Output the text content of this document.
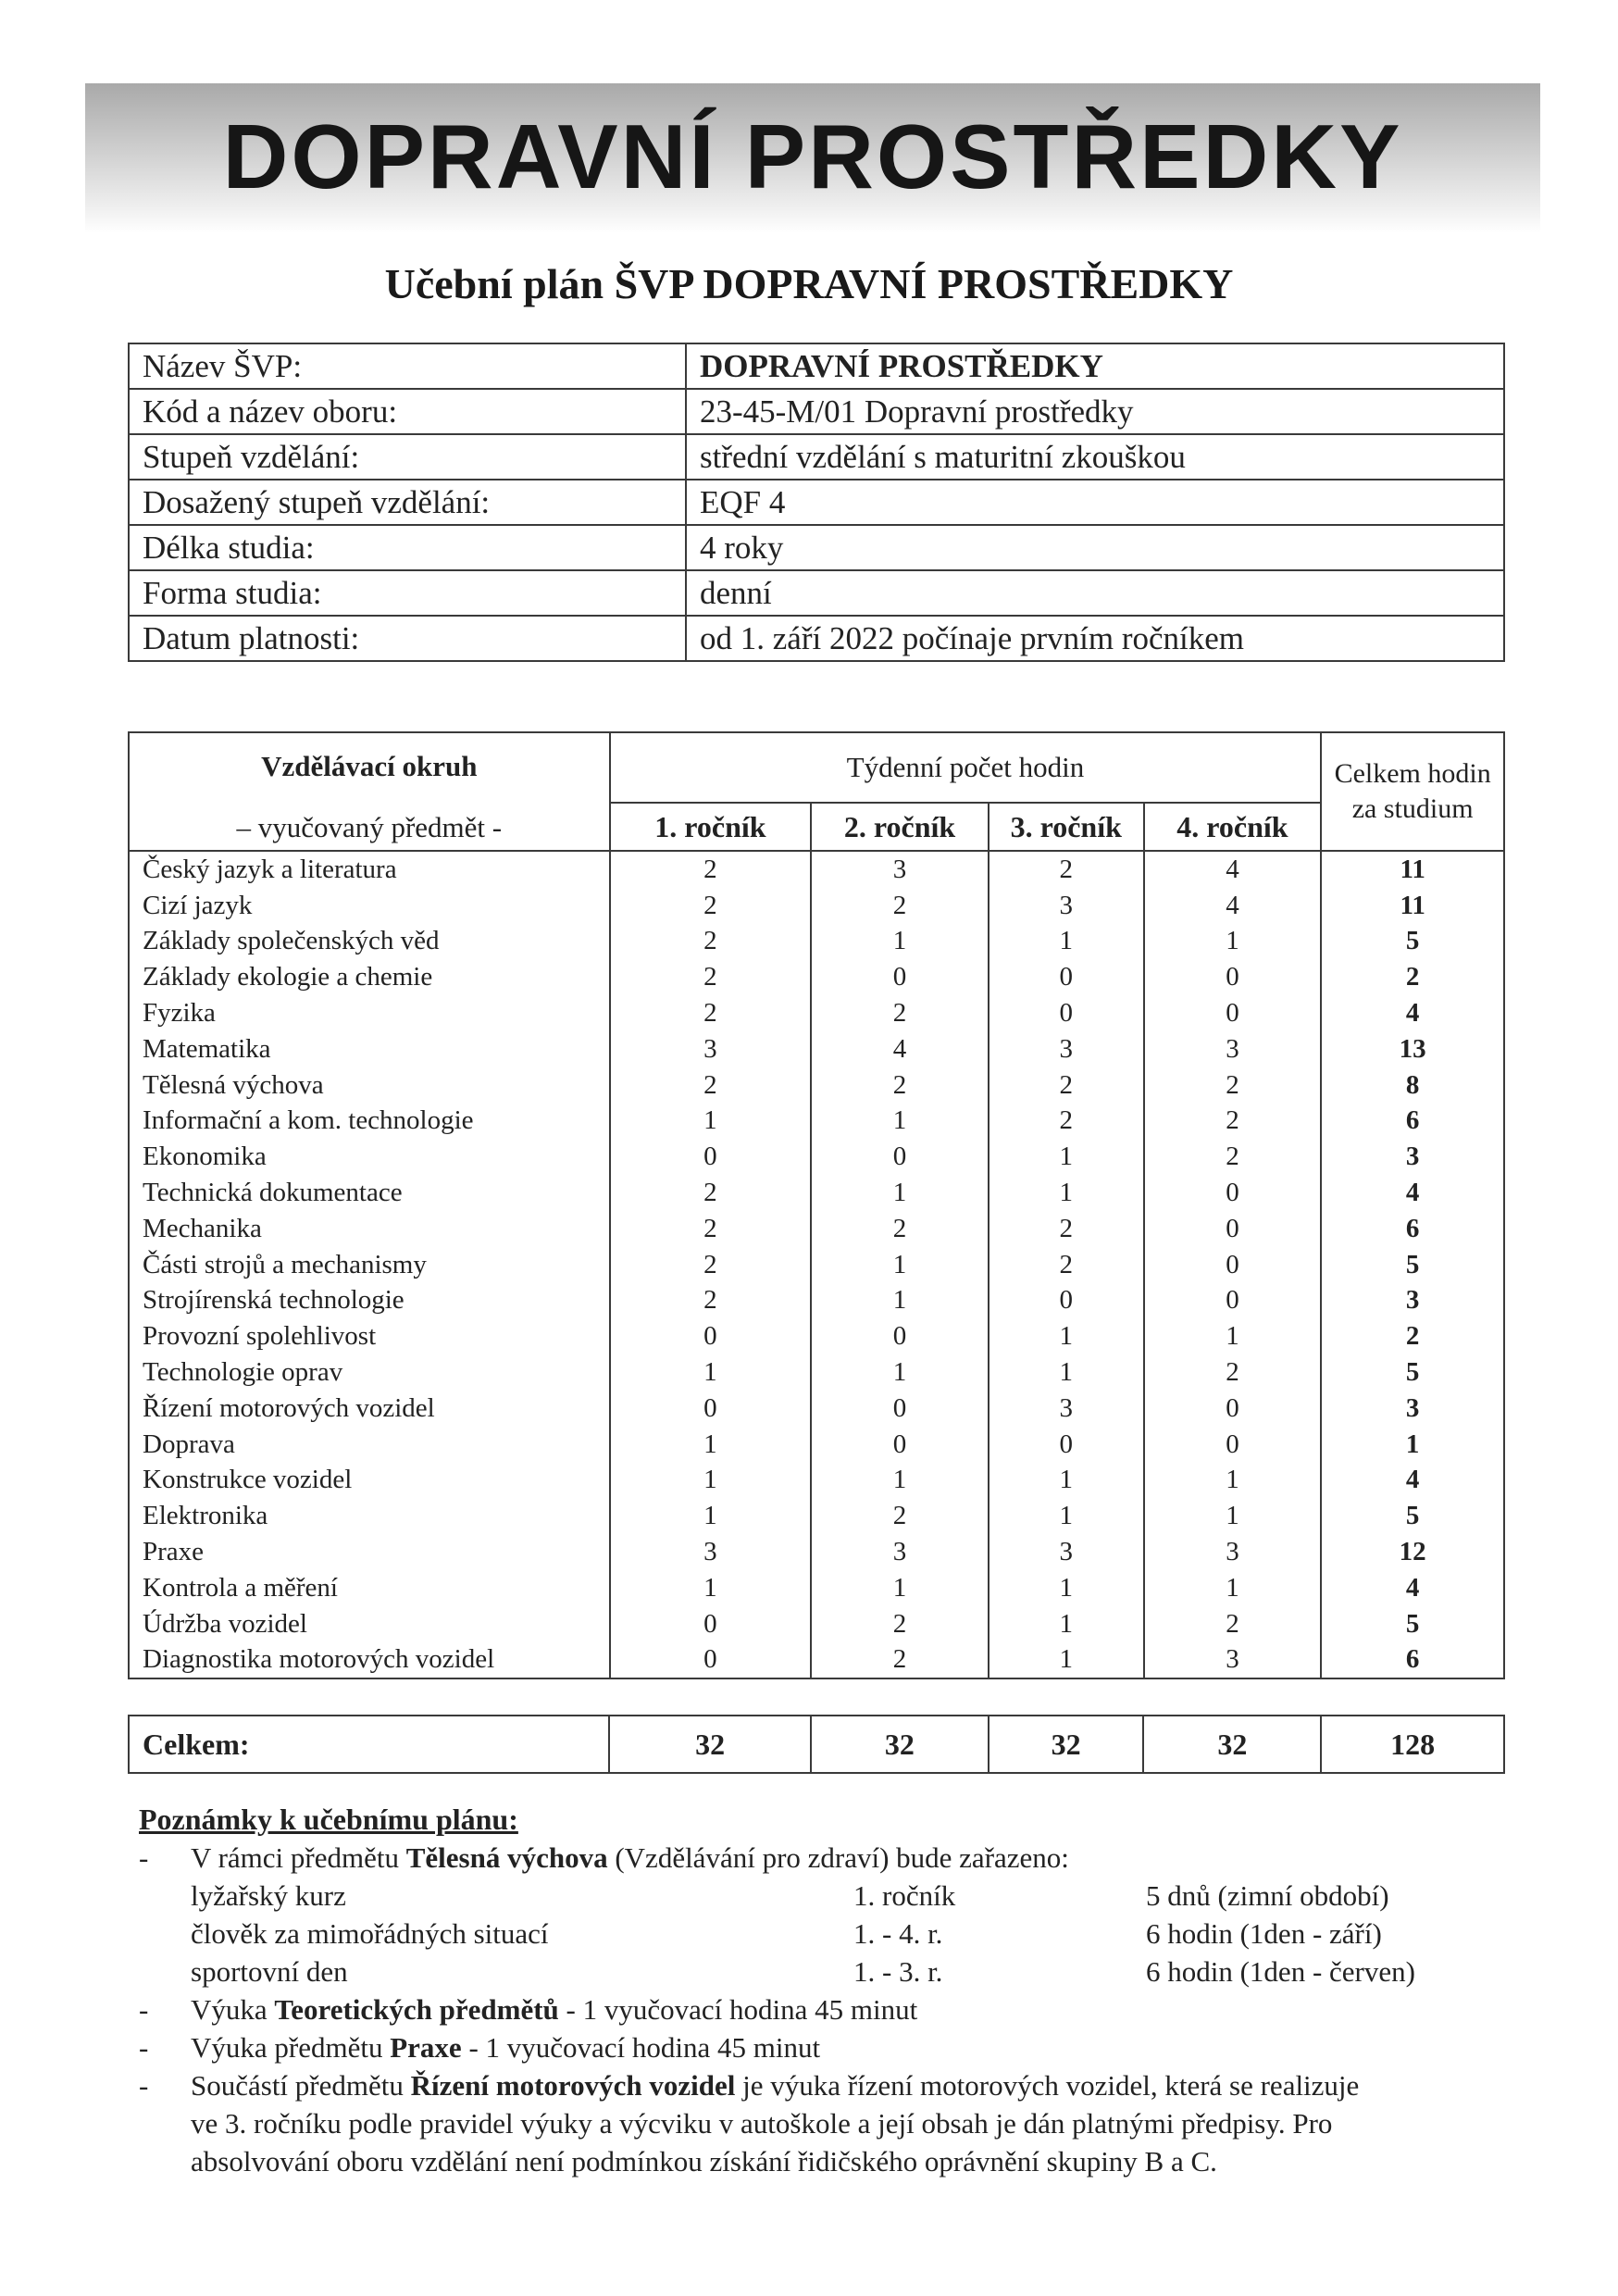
DOPRAVNÍ PROSTŘEDKY
Učební plán ŠVP DOPRAVNÍ PROSTŘEDKY
Název ŠVP:	DOPRAVNÍ PROSTŘEDKY
Kód a název oboru:	23-45-M/01 Dopravní prostředky
Stupeň vzdělání:	střední vzdělání s maturitní zkouškou
Dosažený stupeň vzdělání:	EQF 4
Délka studia:	4 roky
Forma studia:	denní
Datum platnosti:	od 1. září 2022 počínaje prvním ročníkem
Vzdělávací okruh
– vyučovaný předmět -	Týdenní počet hodin				Celkem hodin za studium
	1. ročník	2. ročník	3. ročník	4. ročník	
Český jazyk a literatura	2	3	2	4	11
Cizí jazyk	2	2	3	4	11
Základy společenských věd	2	1	1	1	5
Základy ekologie a chemie	2	0	0	0	2
Fyzika	2	2	0	0	4
Matematika	3	4	3	3	13
Tělesná výchova	2	2	2	2	8
Informační a kom. technologie	1	1	2	2	6
Ekonomika	0	0	1	2	3
Technická dokumentace	2	1	1	0	4
Mechanika	2	2	2	0	6
Části strojů a mechanismy	2	1	2	0	5
Strojírenská technologie	2	1	0	0	3
Provozní spolehlivost	0	0	1	1	2
Technologie oprav	1	1	1	2	5
Řízení motorových vozidel	0	0	3	0	3
Doprava	1	0	0	0	1
Konstrukce vozidel	1	1	1	1	4
Elektronika	1	2	1	1	5
Praxe	3	3	3	3	12
Kontrola a měření	1	1	1	1	4
Údržba vozidel	0	2	1	2	5
Diagnostika motorových vozidel	0	2	1	3	6
Celkem:	32	32	32	32	128
Poznámky k učebnímu plánu:
- V rámci předmětu Tělesná výchova (Vzdělávání pro zdraví) bude zařazeno:
lyžařský kurz	1. ročník	5 dnů (zimní období)
člověk za mimořádných situací	1. - 4. r.	6 hodin (1den - září)
sportovní den	1. - 3. r.	6 hodin (1den - červen)
- Výuka Teoretických předmětů - 1 vyučovací hodina 45 minut
- Výuka předmětu Praxe - 1 vyučovací hodina 45 minut
- Součástí předmětu Řízení motorových vozidel je výuka řízení motorových vozidel, která se realizuje
ve 3. ročníku podle pravidel výuky a výcviku v autoškole a její obsah je dán platnými předpisy. Pro
absolvování oboru vzdělání není podmínkou získání řidičského oprávnění skupiny B a C.
